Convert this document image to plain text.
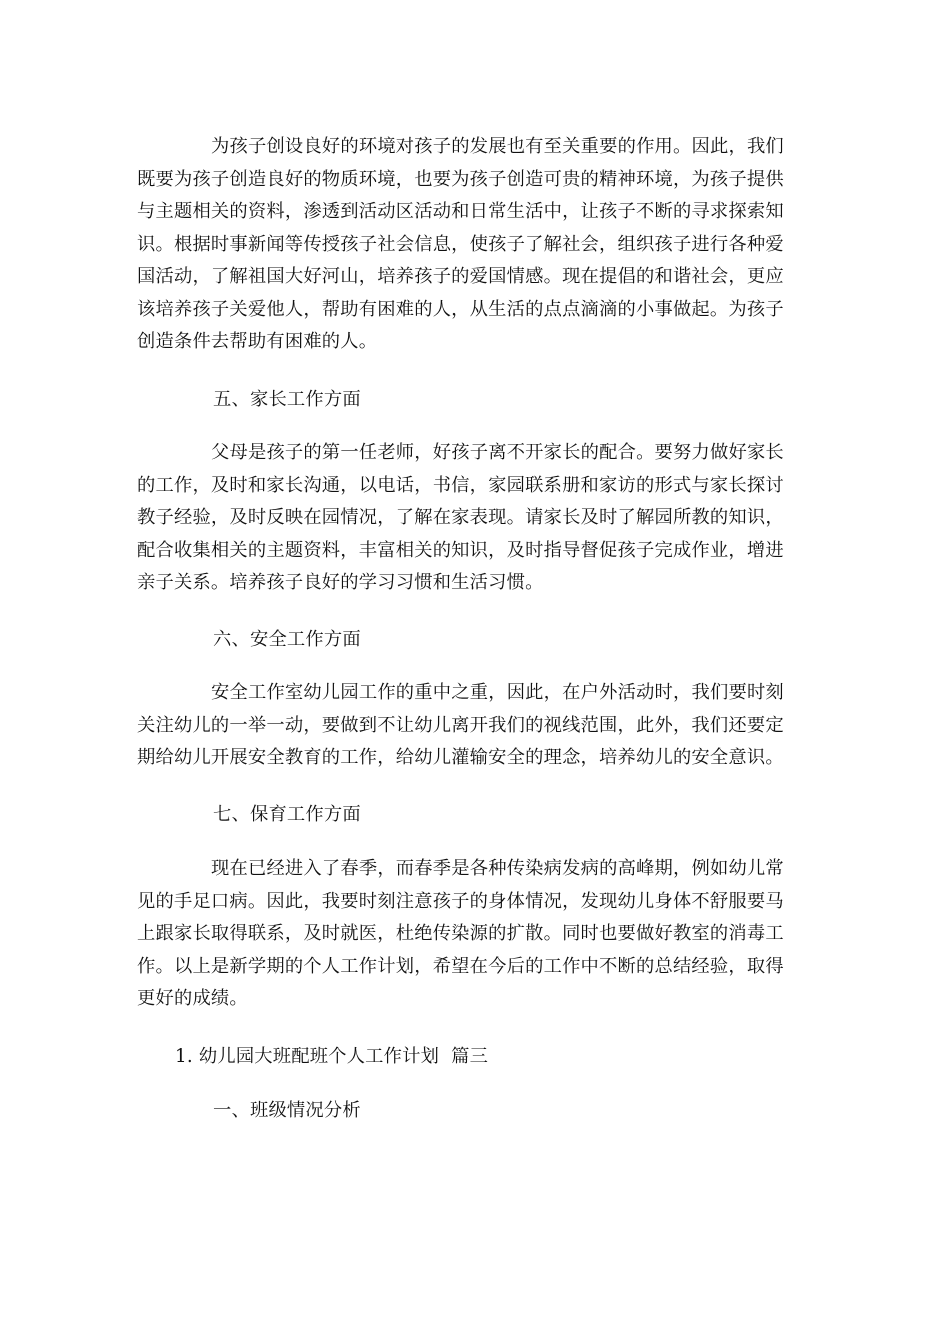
为孩子创设良好的环境对孩子的发展也有至关重要的作用。因此，我们
既要为孩子创造良好的物质环境，也要为孩子创造可贵的精神环境，为孩子提供
与主题相关的资料，渗透到活动区活动和日常生活中，让孩子不断的寻求探索知
识。根据时事新闻等传授孩子社会信息，使孩子了解社会，组织孩子进行各种爱
国活动，了解祖国大好河山，培养孩子的爱国情感。现在提倡的和谐社会，更应
该培养孩子关爱他人，帮助有困难的人，从生活的点点滴滴的小事做起。为孩子
创造条件去帮助有困难的人。
五、家长工作方面
父母是孩子的第一任老师，好孩子离不开家长的配合。要努力做好家长
的工作，及时和家长沟通，以电话，书信，家园联系册和家访的形式与家长探讨
教子经验，及时反映在园情况，了解在家表现。请家长及时了解园所教的知识，
配合收集相关的主题资料，丰富相关的知识，及时指导督促孩子完成作业，增进
亲子关系。培养孩子良好的学习习惯和生活习惯。
六、安全工作方面
安全工作室幼儿园工作的重中之重，因此，在户外活动时，我们要时刻
关注幼儿的一举一动，要做到不让幼儿离开我们的视线范围，此外，我们还要定
期给幼儿开展安全教育的工作，给幼儿灌输安全的理念，培养幼儿的安全意识。
七、保育工作方面
现在已经进入了春季，而春季是各种传染病发病的高峰期，例如幼儿常
见的手足口病。因此，我要时刻注意孩子的身体情况，发现幼儿身体不舒服要马
上跟家长取得联系，及时就医，杜绝传染源的扩散。同时也要做好教室的消毒工
作。以上是新学期的个人工作计划，希望在今后的工作中不断的总结经验，取得
更好的成绩。
1. 幼儿园大班配班个人工作计划  篇三
一、班级情况分析
